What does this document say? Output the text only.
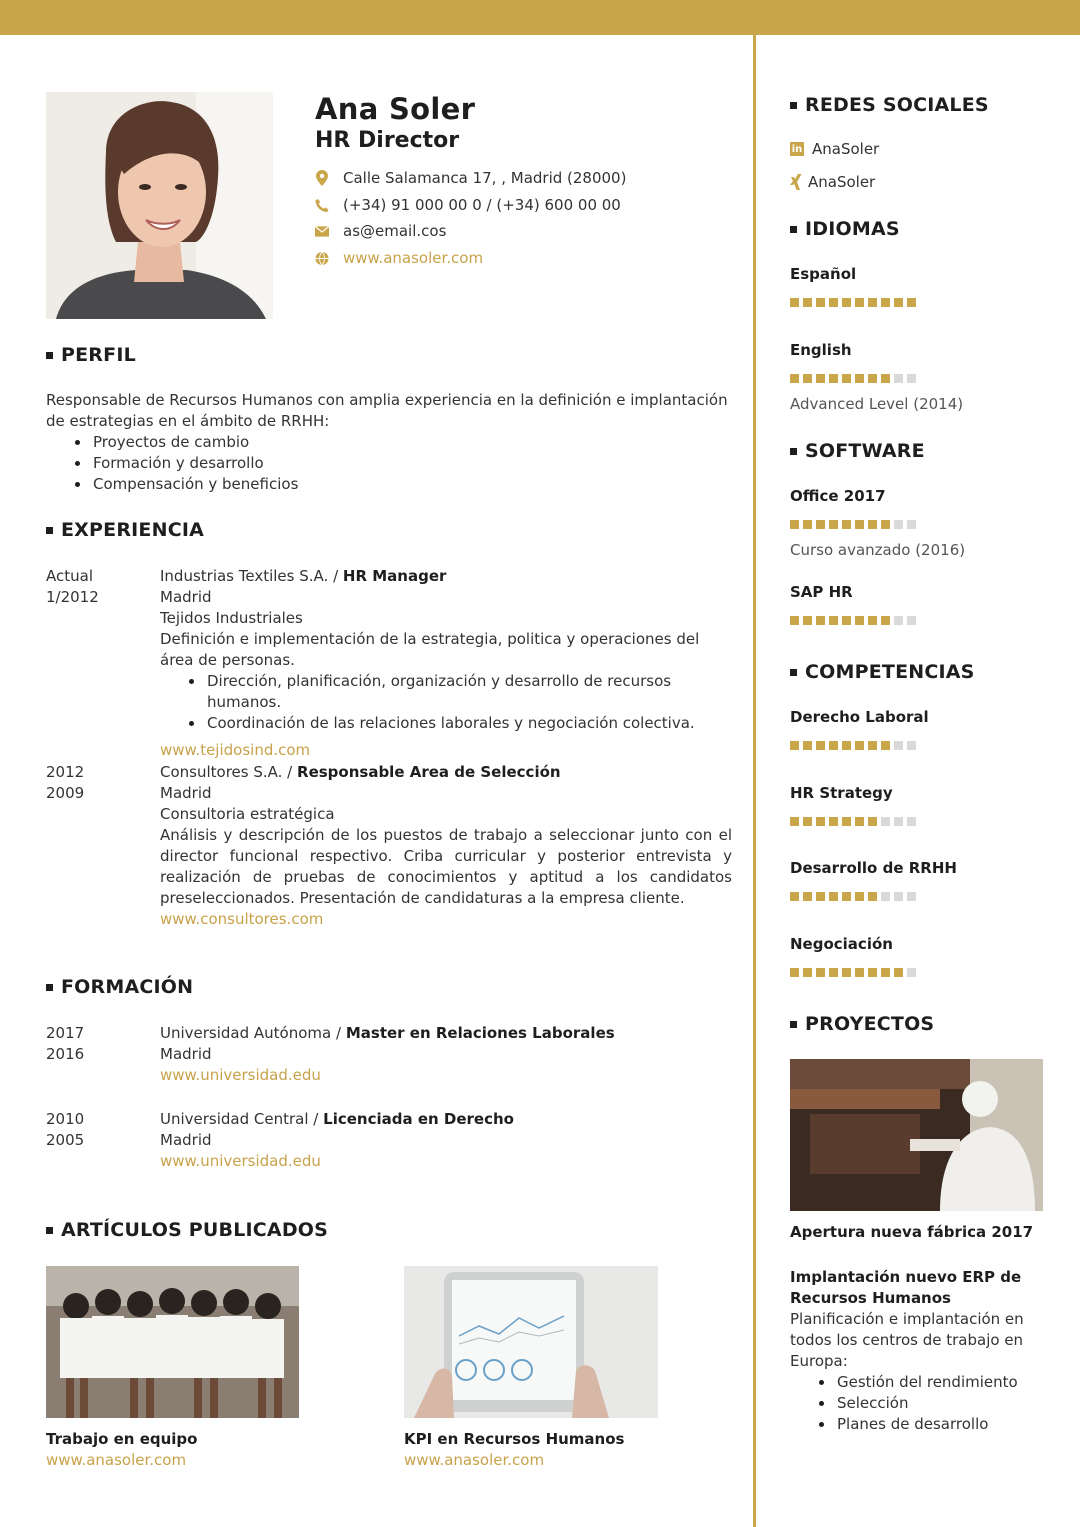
Ana Soler
HR Director
Calle Salamanca 17, , Madrid (28000)
(+34) 91 000 00 0 / (+34) 600 00 00
as@email.cos
www.anasoler.com
PERFIL
Responsable de Recursos Humanos con amplia experiencia en la definición e implantación de estrategias en el ámbito de RRHH:
Proyectos de cambio
Formación y desarrollo
Compensación y beneficios
EXPERIENCIA
Actual
1/2012
Industrias Textiles S.A. / HR Manager
Madrid
Tejidos Industriales
Definición e implementación de la estrategia, politica y operaciones del área de personas.
Dirección, planificación, organización y desarrollo de recursos humanos.
Coordinación de las relaciones laborales y negociación colectiva.
www.tejidosind.com
2012
2009
Consultores S.A. / Responsable Area de Selección
Madrid
Consultoria estratégica
Análisis y descripción de los puestos de trabajo a seleccionar junto con el director funcional respectivo. Criba curricular y posterior entrevista y realización de pruebas de conocimientos y aptitud a los candidatos preseleccionados. Presentación de candidaturas a la empresa cliente.
www.consultores.com
FORMACIÓN
2017
2016
Universidad Autónoma / Master en Relaciones Laborales
Madrid
www.universidad.edu
2010
2005
Universidad Central / Licenciada en Derecho
Madrid
www.universidad.edu
ARTÍCULOS PUBLICADOS
Trabajo en equipo
www.anasoler.com
KPI en Recursos Humanos
www.anasoler.com
REDES SOCIALES
in AnaSoler
AnaSoler
IDIOMAS
Español
English
Advanced Level (2014)
SOFTWARE
Office 2017
Curso avanzado (2016)
SAP HR
COMPETENCIAS
Derecho Laboral
HR Strategy
Desarrollo de RRHH
Negociación
PROYECTOS
Apertura nueva fábrica 2017
Implantación nuevo ERP de Recursos Humanos
Planificación e implantación en todos los centros de trabajo en Europa:
Gestión del rendimiento
Selección
Planes de desarrollo
